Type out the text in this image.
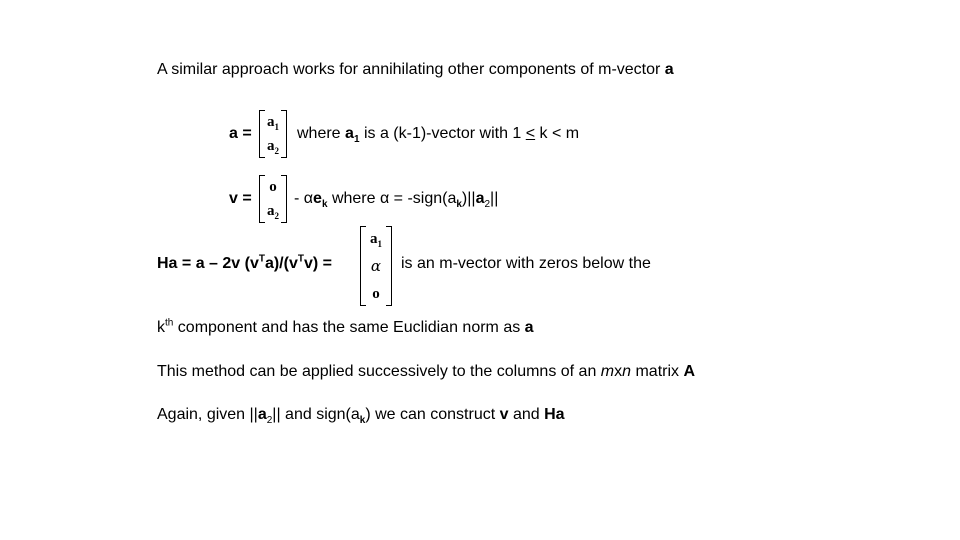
A similar approach works for annihilating other components of m-vector a
a =
$a_1$
$a_2$
where $a_1$ is a (k-1)-vector with 1 < k < m
v =
o
$a_2$
- $\alpha e_k$ where $\alpha = -sign(a_k)||a_2||$
Ha = a – 2v $(v^Ta)/(v^Tv)$ =
$a_1$
α
o
is an m-vector with zeros below the
$k^{th}$ component and has the same Euclidian norm as a
This method can be applied successively to the columns of an mxn matrix A
Again, given $||a_2||$ and $sign(a_k)$ we can construct v and Ha
